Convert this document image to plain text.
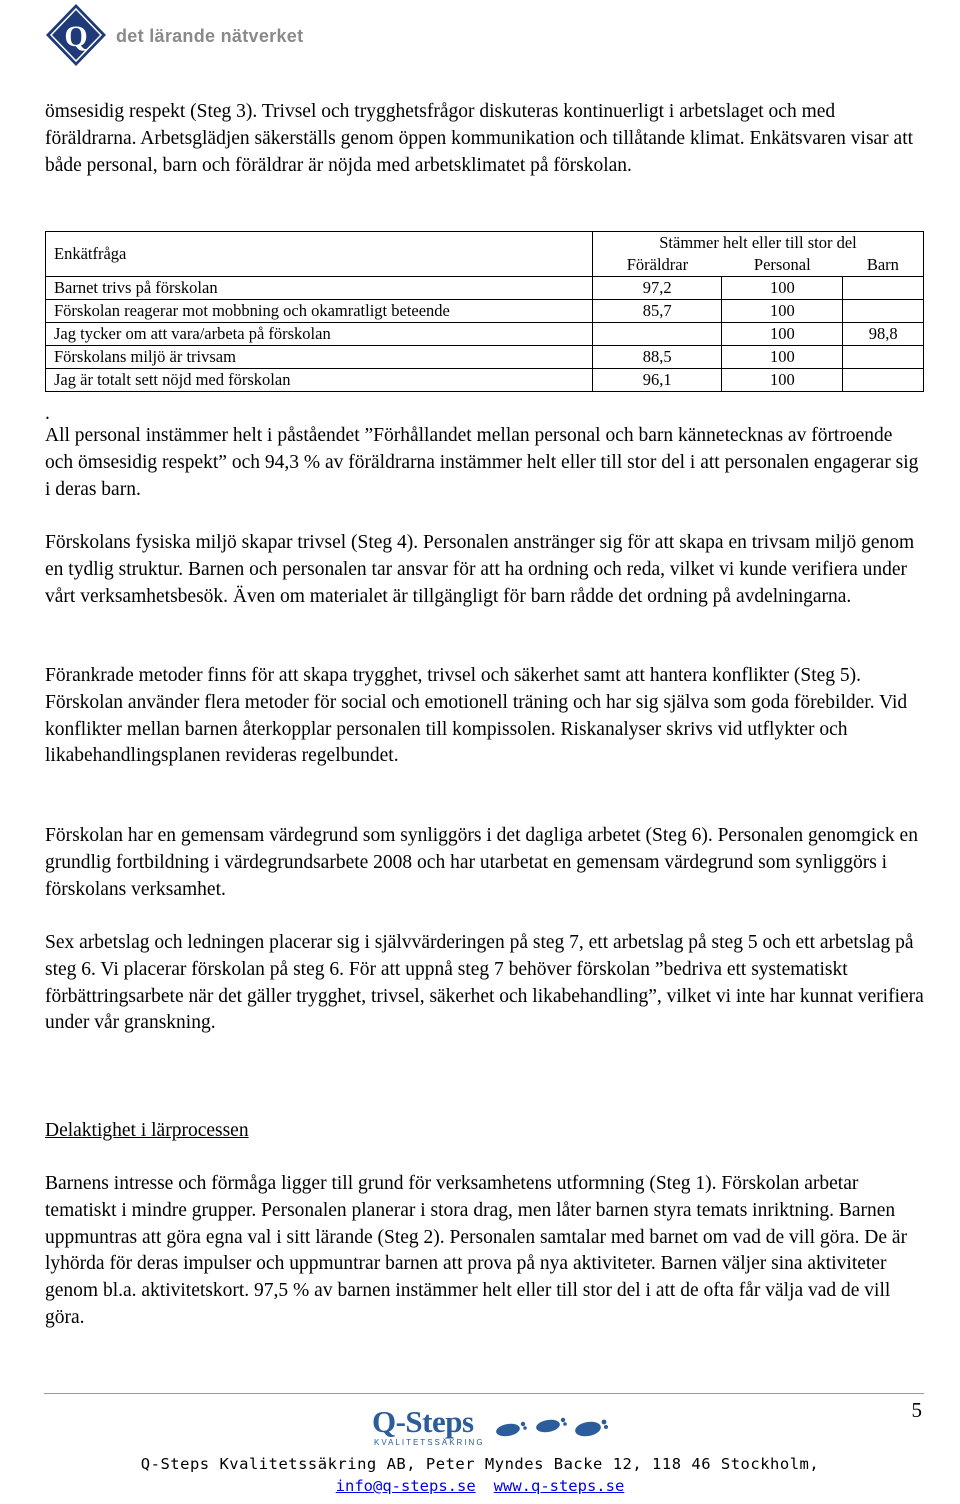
Q det lärande nätverket

ömsesidig respekt (Steg 3). Trivsel och trygghetsfrågor diskuteras kontinuerligt i arbetslaget och med föräldrarna. Arbetsglädjen säkerställs genom öppen kommunikation och tillåtande klimat. Enkätsvaren visar att både personal, barn och föräldrar är nöjda med arbetsklimatet på förskolan.

Enkätfråga	Stämmer helt eller till stor del		
	Föräldrar	Personal	Barn
Barnet trivs på förskolan	97,2	100	
Förskolan reagerar mot mobbning och okamratligt beteende	85,7	100	
Jag tycker om att vara/arbeta på förskolan		100	98,8
Förskolans miljö är trivsam	88,5	100	
Jag är totalt sett nöjd med förskolan	96,1	100	
.

All personal instämmer helt i påståendet ”Förhållandet mellan personal och barn kännetecknas av förtroende och ömsesidig respekt” och 94,3 % av föräldrarna instämmer helt eller till stor del i att personalen engagerar sig i deras barn.

Förskolans fysiska miljö skapar trivsel (Steg 4). Personalen anstränger sig för att skapa en trivsam miljö genom en tydlig struktur. Barnen och personalen tar ansvar för att ha ordning och reda, vilket vi kunde verifiera under vårt verksamhetsbesök. Även om materialet är tillgängligt för barn rådde det ordning på avdelningarna.

Förankrade metoder finns för att skapa trygghet, trivsel och säkerhet samt att hantera konflikter (Steg 5). Förskolan använder flera metoder för social och emotionell träning och har sig själva som goda förebilder. Vid konflikter mellan barnen återkopplar personalen till kompissolen. Riskanalyser skrivs vid utflykter och likabehandlingsplanen revideras regelbundet.

Förskolan har en gemensam värdegrund som synliggörs i det dagliga arbetet (Steg 6). Personalen genomgick en grundlig fortbildning i värdegrundsarbete 2008 och har utarbetat en gemensam värdegrund som synliggörs i förskolans verksamhet.

Sex arbetslag och ledningen placerar sig i självvärderingen på steg 7, ett arbetslag på steg 5 och ett arbetslag på steg 6. Vi placerar förskolan på steg 6. För att uppnå steg 7 behöver förskolan ”bedriva ett systematiskt förbättringsarbete när det gäller trygghet, trivsel, säkerhet och likabehandling”, vilket vi inte har kunnat verifiera under vår granskning.

Delaktighet i lärprocessen

Barnens intresse och förmåga ligger till grund för verksamhetens utformning (Steg 1). Förskolan arbetar tematiskt i mindre grupper. Personalen planerar i stora drag, men låter barnen styra temats inriktning. Barnen uppmuntras att göra egna val i sitt lärande (Steg 2). Personalen samtalar med barnet om vad de vill göra. De är lyhörda för deras impulser och uppmuntrar barnen att prova på nya aktiviteter. Barnen väljer sina aktiviteter genom bl.a. aktivitetskort. 97,5 % av barnen instämmer helt eller till stor del i att de ofta får välja vad de vill göra.

5
Q-Steps
KVALITETSSÄKRING
Q-Steps Kvalitetssäkring AB, Peter Myndes Backe 12, 118 46 Stockholm,
info@q-steps.se www.q-steps.se
